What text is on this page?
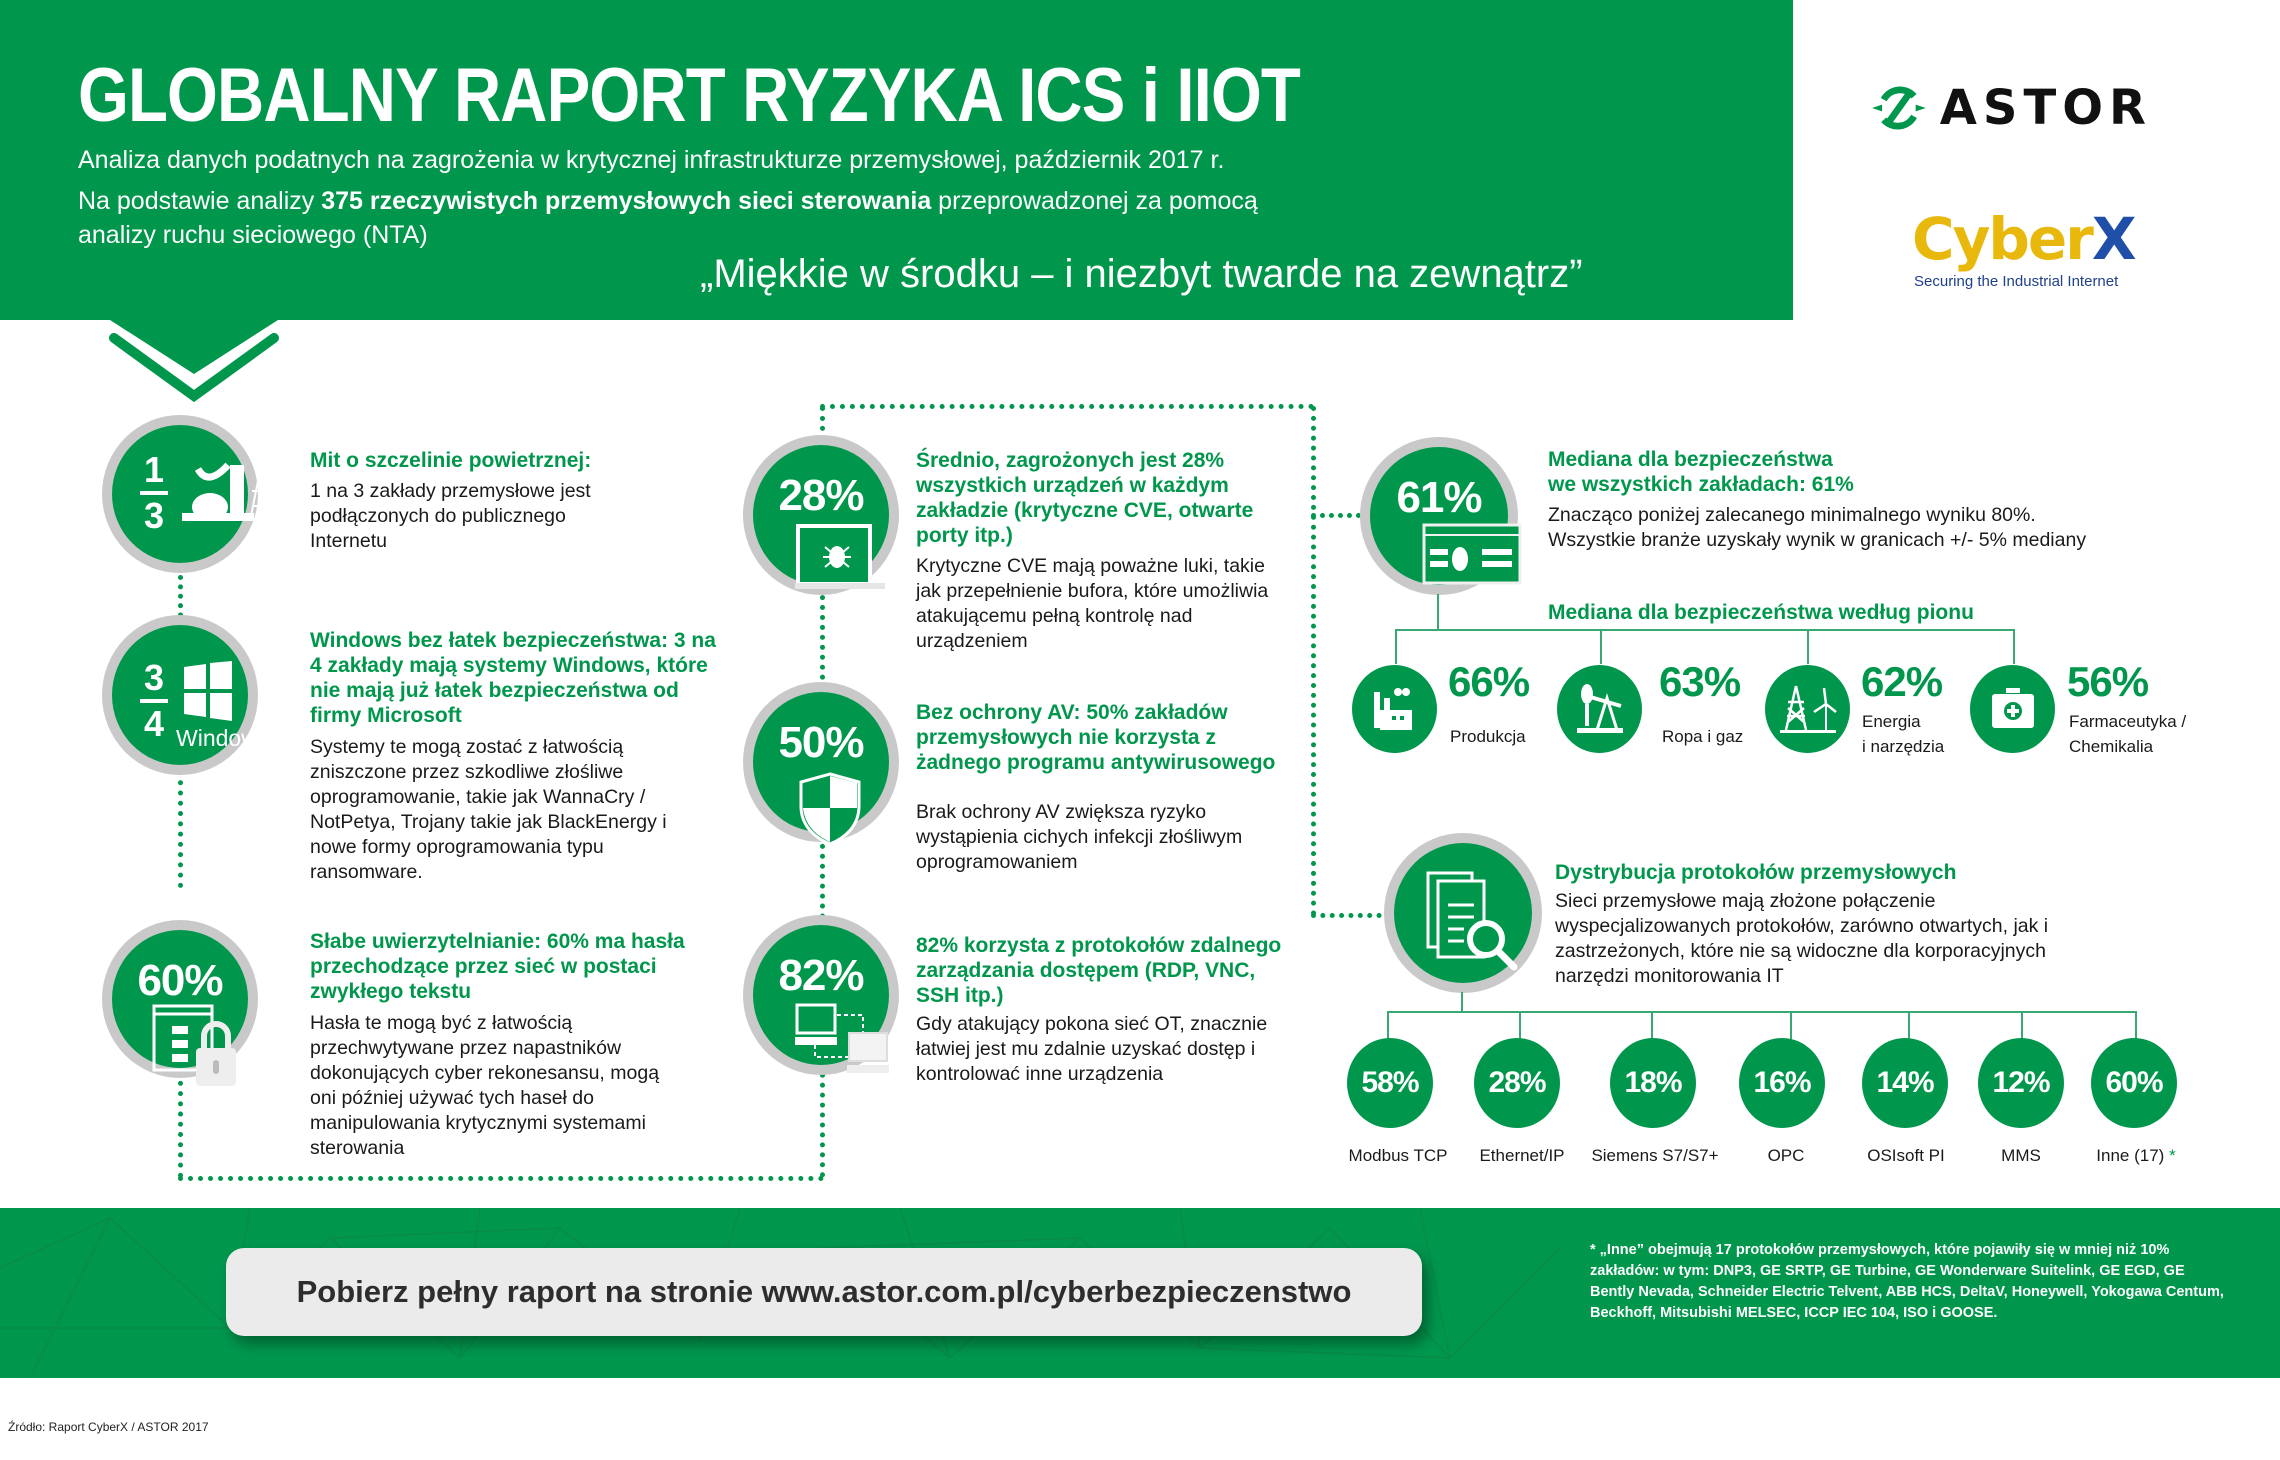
GLOBALNY RAPORT RYZYKA ICS i IIOT
Analiza danych podatnych na zagrożenia w krytycznej infrastrukturze przemysłowej, październik 2017 r.
Na podstawie analizy 375 rzeczywistych przemysłowych sieci sterowania przeprowadzonej za pomocą analizy ruchu sieciowego (NTA)
„Miękkie w środku – i niezbyt twarde na zewnątrz”
ASTOR
CyberX
Securing the Industrial Internet
1
3
Mit o szczelinie powietrznej:
1 na 3 zakłady przemysłowe jest podłączonych do publicznego Internetu
3
4 Windows
Windows bez łatek bezpieczeństwa: 3 na 4 zakłady mają systemy Windows, które nie mają już łatek bezpieczeństwa od firmy Microsoft
Systemy te mogą zostać z łatwością zniszczone przez szkodliwe złośliwe oprogramowanie, takie jak WannaCry / NotPetya, Trojany takie jak BlackEnergy i nowe formy oprogramowania typu ransomware.
60%
Słabe uwierzytelnianie: 60% ma hasła przechodzące przez sieć w postaci zwykłego tekstu
Hasła te mogą być z łatwością przechwytywane przez napastników dokonujących cyber rekonesansu, mogą oni później używać tych haseł do manipulowania krytycznymi systemami sterowania
28%
Średnio, zagrożonych jest 28% wszystkich urządzeń w każdym zakładzie (krytyczne CVE, otwarte porty itp.)
Krytyczne CVE mają poważne luki, takie jak przepełnienie bufora, które umożliwia atakującemu pełną kontrolę nad urządzeniem
50%
Bez ochrony AV: 50% zakładów przemysłowych nie korzysta z żadnego programu antywirusowego
Brak ochrony AV zwiększa ryzyko wystąpienia cichych infekcji złośliwym oprogramowaniem
82%
82% korzysta z protokołów zdalnego zarządzania dostępem (RDP, VNC, SSH itp.)
Gdy atakujący pokona sieć OT, znacznie łatwiej jest mu zdalnie uzyskać dostęp i kontrolować inne urządzenia
61%
Mediana dla bezpieczeństwa
we wszystkich zakładach: 61%
Znacząco poniżej zalecanego minimalnego wyniku 80%.
Wszystkie branże uzyskały wynik w granicach +/- 5% mediany
Mediana dla bezpieczeństwa według pionu
66%
Produkcja
63%
Ropa i gaz
62%
Energia
i narzędzia
56%
Farmaceutyka /
Chemikalia
Dystrybucja protokołów przemysłowych
Sieci przemysłowe mają złożone połączenie wyspecjalizowanych protokołów, zarówno otwartych, jak i zastrzeżonych, które nie są widoczne dla korporacyjnych narzędzi monitorowania IT
58%	28%	18%	16%	14%	12%	60%
Modbus TCP	Ethernet/IP	Siemens S7/S7+	OPC	OSIsoft PI	MMS	Inne (17) *
Pobierz pełny raport na stronie www.astor.com.pl/cyberbezpieczenstwo
* „Inne” obejmują 17 protokołów przemysłowych, które pojawiły się w mniej niż 10% zakładów: w tym: DNP3, GE SRTP, GE Turbine, GE Wonderware Suitelink, GE EGD, GE Bently Nevada, Schneider Electric Telvent, ABB HCS, DeltaV, Honeywell, Yokogawa Centum, Beckhoff, Mitsubishi MELSEC, ICCP IEC 104, ISO i GOOSE.
Źródło: Raport CyberX / ASTOR 2017
